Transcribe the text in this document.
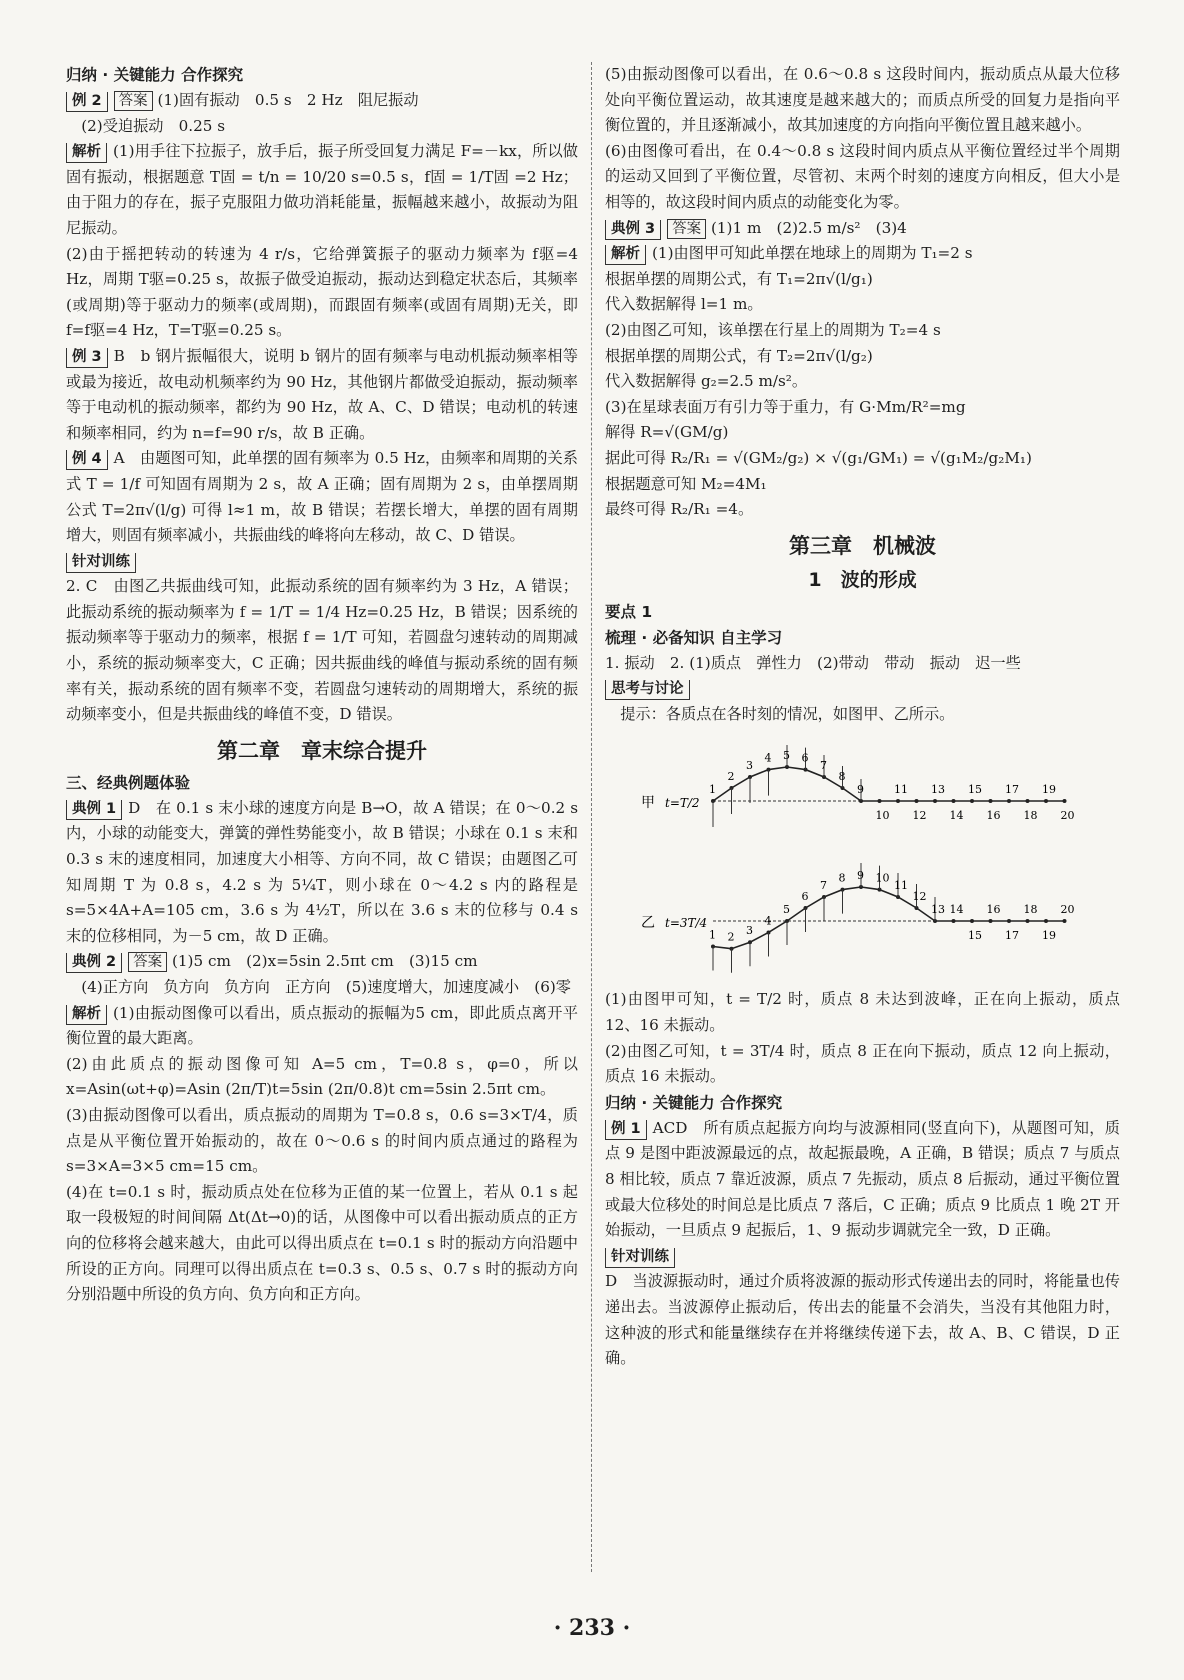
归纳 · 关键能力 合作探究

例 2 答案 (1)固有振动　0.5 s　2 Hz　阻尼振动

　(2)受迫振动　0.25 s

解析 (1)用手往下拉振子，放手后，振子所受回复力满足 F=－kx，所以做固有振动，根据题意 T固 = t/n = 10/20 s=0.5 s，f固 = 1/T固 =2 Hz；由于阻力的存在，振子克服阻力做功消耗能量，振幅越来越小，故振动为阻尼振动。

(2)由于摇把转动的转速为 4 r/s，它给弹簧振子的驱动力频率为 f驱=4 Hz，周期 T驱=0.25 s，故振子做受迫振动，振动达到稳定状态后，其频率(或周期)等于驱动力的频率(或周期)，而跟固有频率(或固有周期)无关，即 f=f驱=4 Hz，T=T驱=0.25 s。

例 3 B　b 钢片振幅很大，说明 b 钢片的固有频率与电动机振动频率相等或最为接近，故电动机频率约为 90 Hz，其他钢片都做受迫振动，振动频率等于电动机的振动频率，都约为 90 Hz，故 A、C、D 错误；电动机的转速和频率相同，约为 n=f=90 r/s，故 B 正确。

例 4 A　由题图可知，此单摆的固有频率为 0.5 Hz，由频率和周期的关系式 T = 1/f 可知固有周期为 2 s，故 A 正确；固有周期为 2 s，由单摆周期公式 T=2π√(l/g) 可得 l≈1 m，故 B 错误；若摆长增大，单摆的固有周期增大，则固有频率减小，共振曲线的峰将向左移动，故 C、D 错误。

针对训练

2. C　由图乙共振曲线可知，此振动系统的固有频率约为 3 Hz，A 错误；此振动系统的振动频率为 f = 1/T = 1/4 Hz=0.25 Hz，B 错误；因系统的振动频率等于驱动力的频率，根据 f = 1/T 可知，若圆盘匀速转动的周期减小，系统的振动频率变大，C 正确；因共振曲线的峰值与振动系统的固有频率有关，振动系统的固有频率不变，若圆盘匀速转动的周期增大，系统的振动频率变小，但是共振曲线的峰值不变，D 错误。

第二章　章末综合提升

三、经典例题体验

典例 1 D　在 0.1 s 末小球的速度方向是 B→O，故 A 错误；在 0～0.2 s 内，小球的动能变大，弹簧的弹性势能变小，故 B 错误；小球在 0.1 s 末和 0.3 s 末的速度相同，加速度大小相等、方向不同，故 C 错误；由题图乙可知周期 T 为 0.8 s，4.2 s 为 5¼T，则小球在 0～4.2 s 内的路程是 s=5×4A+A=105 cm，3.6 s 为 4½T，所以在 3.6 s 末的位移与 0.4 s 末的位移相同，为－5 cm，故 D 正确。

典例 2 答案 (1)5 cm　(2)x=5sin 2.5πt cm　(3)15 cm

　(4)正方向　负方向　负方向　正方向　(5)速度增大，加速度减小　(6)零

解析 (1)由振动图像可以看出，质点振动的振幅为5 cm，即此质点离开平衡位置的最大距离。

(2)由此质点的振动图像可知 A=5 cm，T=0.8 s，φ=0，所以 x=Asin(ωt+φ)=Asin (2π/T)t=5sin (2π/0.8)t cm=5sin 2.5πt cm。

(3)由振动图像可以看出，质点振动的周期为 T=0.8 s，0.6 s=3×T/4，质点是从平衡位置开始振动的，故在 0～0.6 s 的时间内质点通过的路程为 s=3×A=3×5 cm=15 cm。

(4)在 t=0.1 s 时，振动质点处在位移为正值的某一位置上，若从 0.1 s 起取一段极短的时间间隔 Δt(Δt→0)的话，从图像中可以看出振动质点的正方向的位移将会越来越大，由此可以得出质点在 t=0.1 s 时的振动方向沿题中所设的正方向。同理可以得出质点在 t=0.3 s、0.5 s、0.7 s 时的振动方向分别沿题中所设的负方向、负方向和正方向。

(5)由振动图像可以看出，在 0.6～0.8 s 这段时间内，振动质点从最大位移处向平衡位置运动，故其速度是越来越大的；而质点所受的回复力是指向平衡位置的，并且逐渐减小，故其加速度的方向指向平衡位置且越来越小。

(6)由图像可看出，在 0.4～0.8 s 这段时间内质点从平衡位置经过半个周期的运动又回到了平衡位置，尽管初、末两个时刻的速度方向相反，但大小是相等的，故这段时间内质点的动能变化为零。

典例 3 答案 (1)1 m　(2)2.5 m/s²　(3)4

解析 (1)由图甲可知此单摆在地球上的周期为 T₁=2 s

根据单摆的周期公式，有 T₁=2π√(l/g₁)

代入数据解得 l=1 m。

(2)由图乙可知，该单摆在行星上的周期为 T₂=4 s

根据单摆的周期公式，有 T₂=2π√(l/g₂)

代入数据解得 g₂=2.5 m/s²。

(3)在星球表面万有引力等于重力，有 G·Mm/R²=mg

解得 R=√(GM/g)

据此可得 R₂/R₁ = √(GM₂/g₂) × √(g₁/GM₁) = √(g₁M₂/g₂M₁)

根据题意可知 M₂=4M₁

最终可得 R₂/R₁ =4。

第三章　机械波
1　波的形成

要点 1

梳理 · 必备知识 自主学习

1. 振动　2. (1)质点　弹性力　(2)带动　带动　振动　迟一些

思考与讨论

　提示：各质点在各时刻的情况，如图甲、乙所示。

甲 t=T/2
1
2
3
4 5 6
7
8
9
10
11
12
13
14
15
16
17
18
19
20
乙 t=3T/4
1 2
3
4
5
6
7
8 9 10
11
12
13 14
15
16
17
18
19
20

(1)由图甲可知，t = T/2 时，质点 8 未达到波峰，正在向上振动，质点 12、16 未振动。

(2)由图乙可知，t = 3T/4 时，质点 8 正在向下振动，质点 12 向上振动，质点 16 未振动。

归纳 · 关键能力 合作探究

例 1 ACD　所有质点起振方向均与波源相同(竖直向下)，从题图可知，质点 9 是图中距波源最远的点，故起振最晚，A 正确，B 错误；质点 7 与质点 8 相比较，质点 7 靠近波源，质点 7 先振动，质点 8 后振动，通过平衡位置或最大位移处的时间总是比质点 7 落后，C 正确；质点 9 比质点 1 晚 2T 开始振动，一旦质点 9 起振后，1、9 振动步调就完全一致，D 正确。

针对训练

D　当波源振动时，通过介质将波源的振动形式传递出去的同时，将能量也传递出去。当波源停止振动后，传出去的能量不会消失，当没有其他阻力时，这种波的形式和能量继续存在并将继续传递下去，故 A、B、C 错误，D 正确。

· 233 ·
